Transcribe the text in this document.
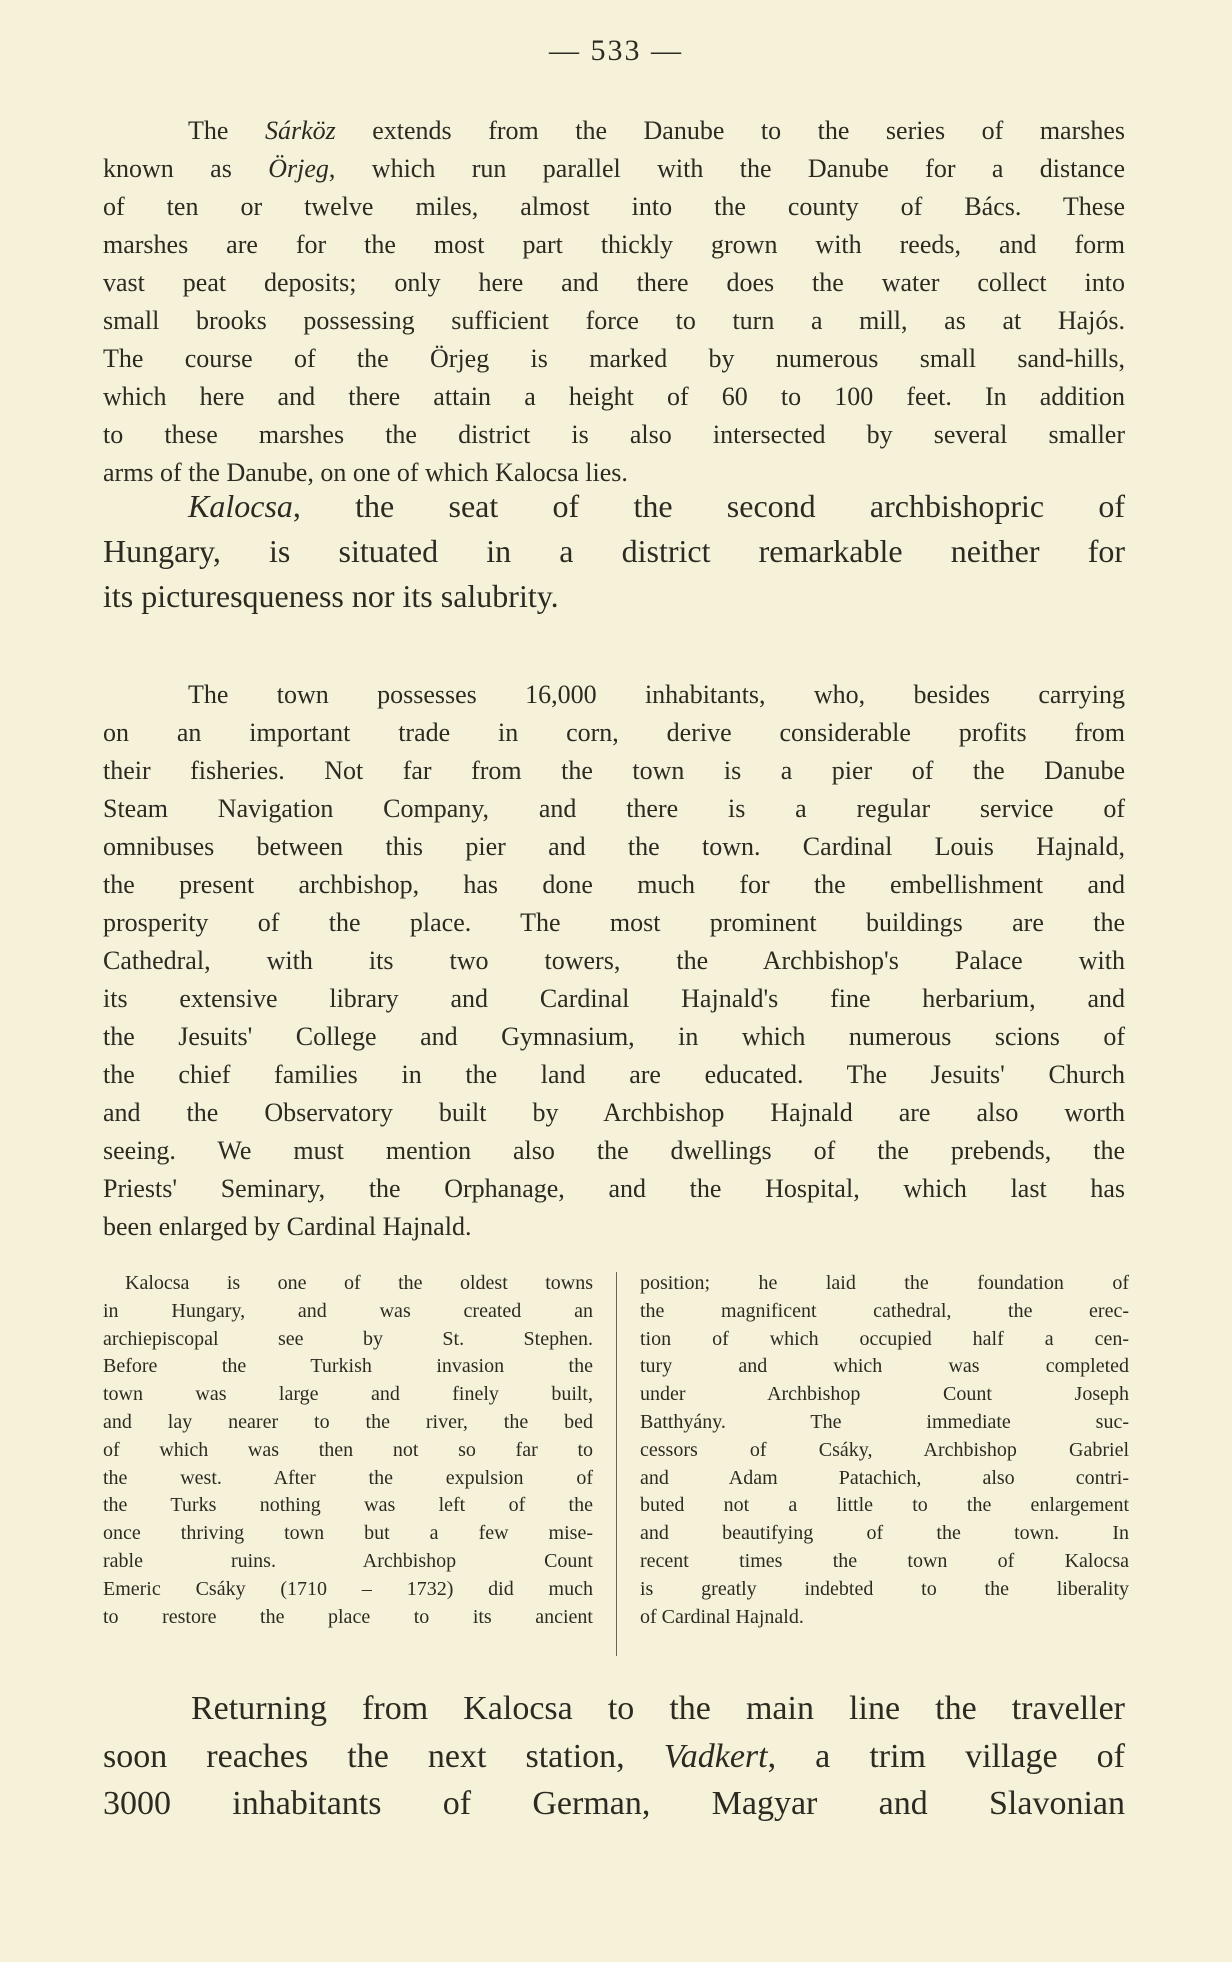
— 533 —
The Sárköz extends from the Danube to the series of marshes
known as Örjeg, which run parallel with the Danube for a distance
of ten or twelve miles, almost into the county of Bács. These
marshes are for the most part thickly grown with reeds, and form
vast peat deposits; only here and there does the water collect into
small brooks possessing sufficient force to turn a mill, as at Hajós.
The course of the Örjeg is marked by numerous small sand-hills,
which here and there attain a height of 60 to 100 feet. In addition
to these marshes the district is also intersected by several smaller
arms of the Danube, on one of which Kalocsa lies.
Kalocsa, the seat of the second archbishopric of
Hungary, is situated in a district remarkable neither for
its picturesqueness nor its salubrity.
The town possesses 16,000 inhabitants, who, besides carrying
on an important trade in corn, derive considerable profits from
their fisheries. Not far from the town is a pier of the Danube
Steam Navigation Company, and there is a regular service of
omnibuses between this pier and the town. Cardinal Louis Hajnald,
the present archbishop, has done much for the embellishment and
prosperity of the place. The most prominent buildings are the
Cathedral, with its two towers, the Archbishop's Palace with
its extensive library and Cardinal Hajnald's fine herbarium, and
the Jesuits' College and Gymnasium, in which numerous scions of
the chief families in the land are educated. The Jesuits' Church
and the Observatory built by Archbishop Hajnald are also worth
seeing. We must mention also the dwellings of the prebends, the
Priests' Seminary, the Orphanage, and the Hospital, which last has
been enlarged by Cardinal Hajnald.
Kalocsa is one of the oldest towns
in Hungary, and was created an
archiepiscopal see by St. Stephen.
Before the Turkish invasion the
town was large and finely built,
and lay nearer to the river, the bed
of which was then not so far to
the west. After the expulsion of
the Turks nothing was left of the
once thriving town but a few mise-
rable ruins. Archbishop Count
Emeric Csáky (1710 – 1732) did much
to restore the place to its ancient
position; he laid the foundation of
the magnificent cathedral, the erec-
tion of which occupied half a cen-
tury and which was completed
under Archbishop Count Joseph
Batthyány. The immediate suc-
cessors of Csáky, Archbishop Gabriel
and Adam Patachich, also contri-
buted not a little to the enlargement
and beautifying of the town. In
recent times the town of Kalocsa
is greatly indebted to the liberality
of Cardinal Hajnald.
Returning from Kalocsa to the main line the traveller
soon reaches the next station, Vadkert, a trim village of
3000 inhabitants of German, Magyar and Slavonian
